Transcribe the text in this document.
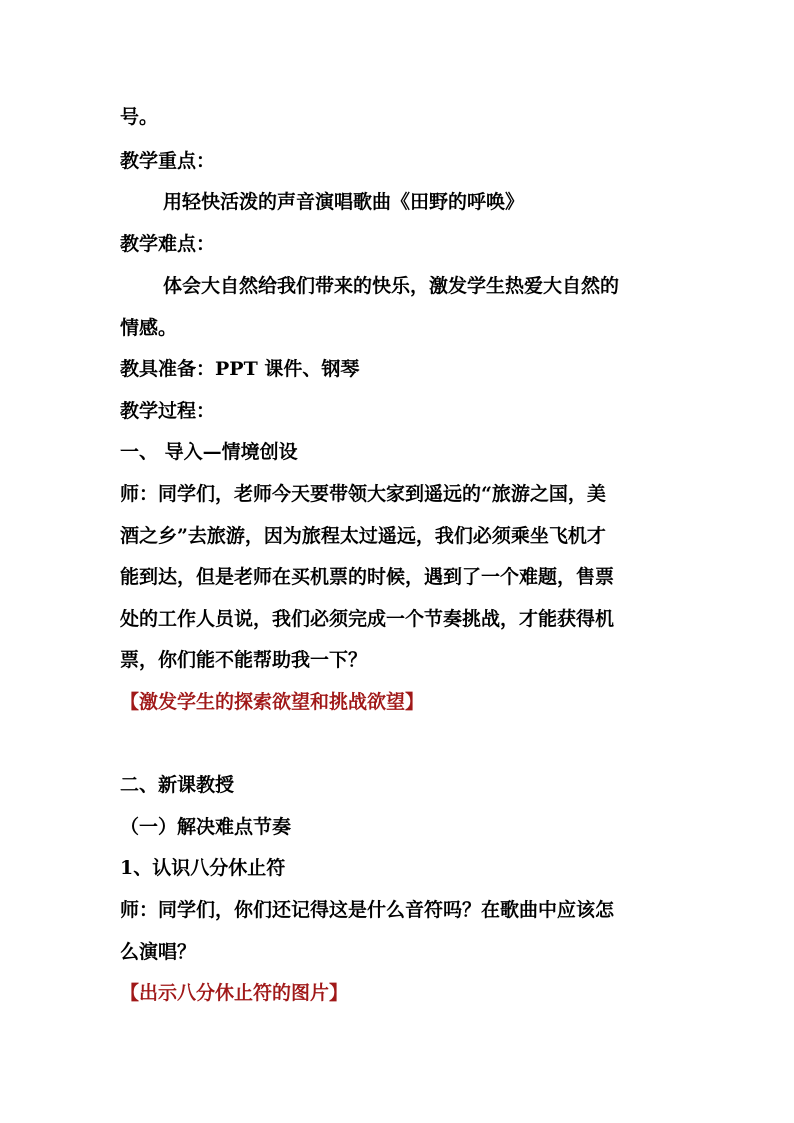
号。
教学重点：
用轻快活泼的声音演唱歌曲《田野的呼唤》
教学难点：
体会大自然给我们带来的快乐，激发学生热爱大自然的
情感。
教具准备：PPT 课件、钢琴
教学过程：
一、 导入—情境创设
师：同学们，老师今天要带领大家到遥远的“旅游之国，美
酒之乡”去旅游，因为旅程太过遥远，我们必须乘坐飞机才
能到达，但是老师在买机票的时候，遇到了一个难题，售票
处的工作人员说，我们必须完成一个节奏挑战，才能获得机
票，你们能不能帮助我一下？
【激发学生的探索欲望和挑战欲望】
二、新课教授
（一）解决难点节奏
1、认识八分休止符
师：同学们，你们还记得这是什么音符吗？在歌曲中应该怎
么演唱？
【出示八分休止符的图片】
